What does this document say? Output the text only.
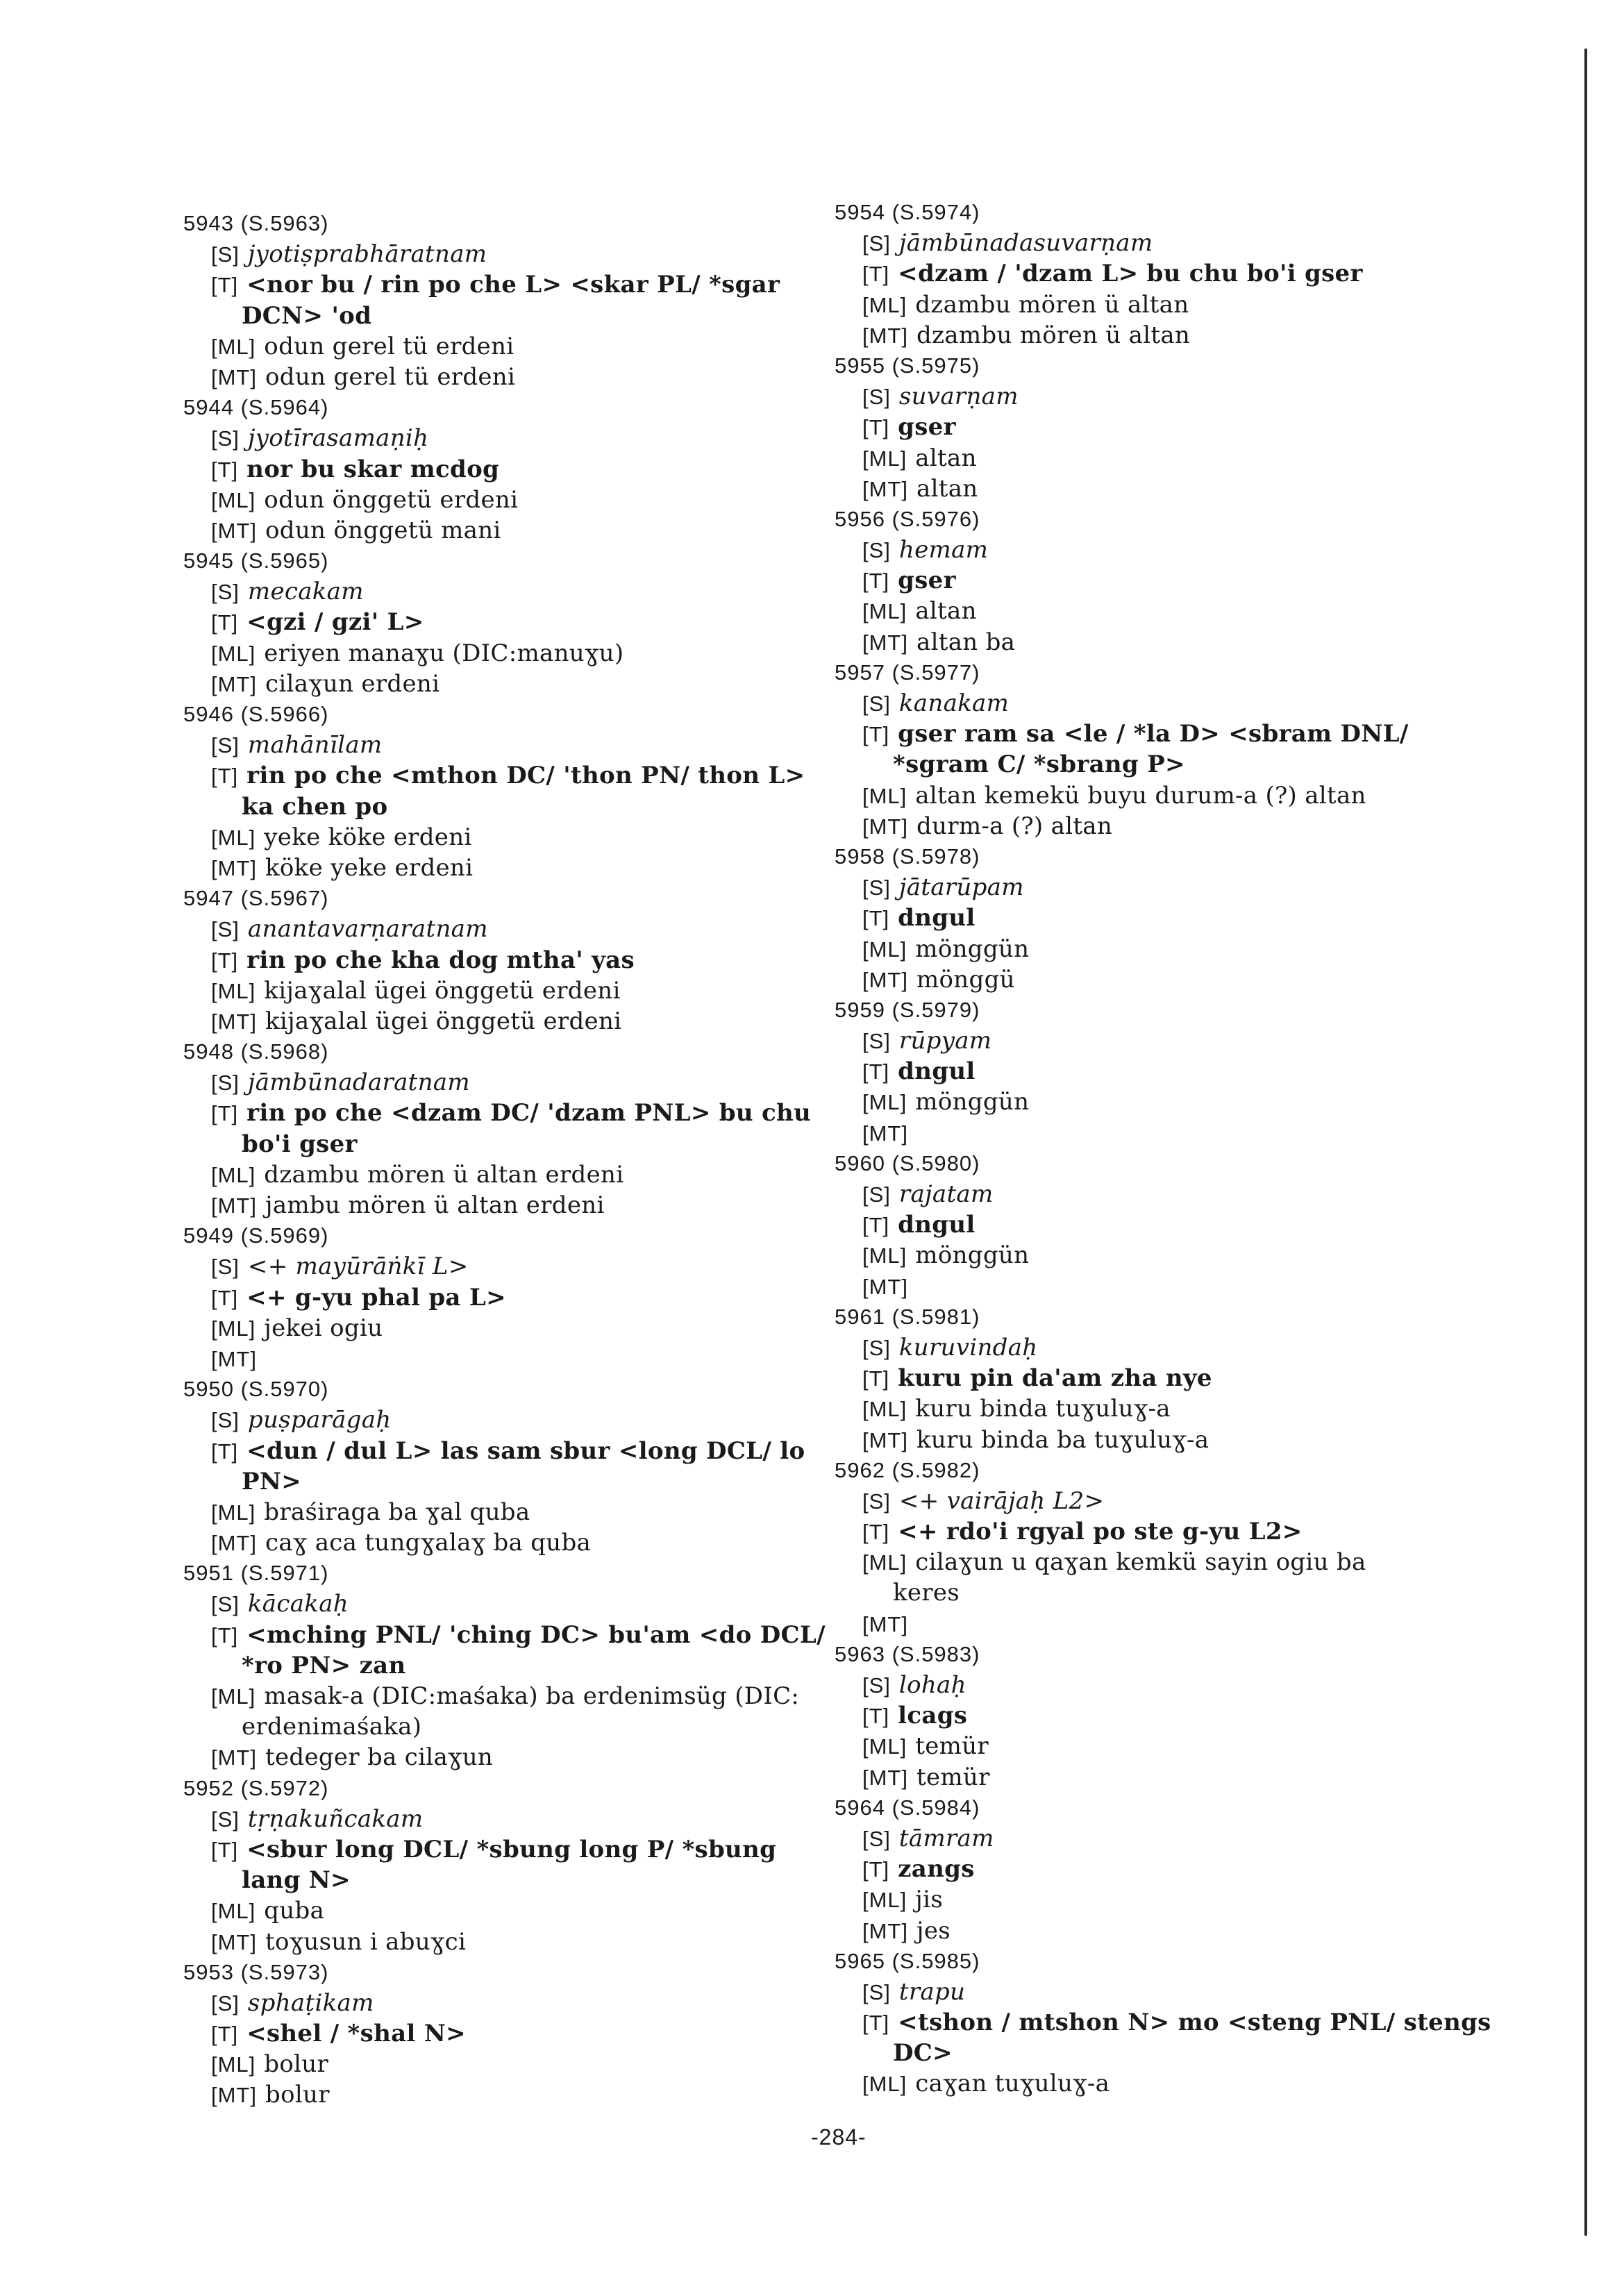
5943 (S.5963)
[S] jyotiṣprabhāratnam
[T] <nor bu / rin po che L> <skar PL/ *sgar
DCN> 'od
[ML] odun gerel tü erdeni
[MT] odun gerel tü erdeni
5944 (S.5964)
[S] jyotīrasamaṇiḥ
[T] nor bu skar mcdog
[ML] odun önggetü erdeni
[MT] odun önggetü mani
5945 (S.5965)
[S] mecakam
[T] <gzi / gzi' L>
[ML] eriyen manaɣu (DIC:manuɣu)
[MT] cilaɣun erdeni
5946 (S.5966)
[S] mahānīlam
[T] rin po che <mthon DC/ 'thon PN/ thon L>
ka chen po
[ML] yeke köke erdeni
[MT] köke yeke erdeni
5947 (S.5967)
[S] anantavarṇaratnam
[T] rin po che kha dog mtha' yas
[ML] kijaɣalal ügei önggetü erdeni
[MT] kijaɣalal ügei önggetü erdeni
5948 (S.5968)
[S] jāmbūnadaratnam
[T] rin po che <dzam DC/ 'dzam PNL> bu chu
bo'i gser
[ML] dzambu mören ü altan erdeni
[MT] jambu mören ü altan erdeni
5949 (S.5969)
[S] <+ mayūrāṅkī L>
[T] <+ g-yu phal pa L>
[ML] jekei ogiu
[MT]
5950 (S.5970)
[S] puṣparāgaḥ
[T] <dun / dul L> las sam sbur <long DCL/ lo
PN>
[ML] braśiraga ba ɣal quba
[MT] caɣ aca tungɣalaɣ ba quba
5951 (S.5971)
[S] kācakaḥ
[T] <mching PNL/ 'ching DC> bu'am <do DCL/
*ro PN> zan
[ML] masak-a (DIC:maśaka) ba erdenimsüg (DIC:
erdenimaśaka)
[MT] tedeger ba cilaɣun
5952 (S.5972)
[S] tṛṇakuñcakam
[T] <sbur long DCL/ *sbung long P/ *sbung
lang N>
[ML] quba
[MT] toɣusun i abuɣci
5953 (S.5973)
[S] sphaṭikam
[T] <shel / *shal N>
[ML] bolur
[MT] bolur
5954 (S.5974)
[S] jāmbūnadasuvarṇam
[T] <dzam / 'dzam L> bu chu bo'i gser
[ML] dzambu mören ü altan
[MT] dzambu mören ü altan
5955 (S.5975)
[S] suvarṇam
[T] gser
[ML] altan
[MT] altan
5956 (S.5976)
[S] hemam
[T] gser
[ML] altan
[MT] altan ba
5957 (S.5977)
[S] kanakam
[T] gser ram sa <le / *la D> <sbram DNL/
*sgram C/ *sbrang P>
[ML] altan kemekü buyu durum-a (?) altan
[MT] durm-a (?) altan
5958 (S.5978)
[S] jātarūpam
[T] dngul
[ML] mönggün
[MT] mönggü
5959 (S.5979)
[S] rūpyam
[T] dngul
[ML] mönggün
[MT]
5960 (S.5980)
[S] rajatam
[T] dngul
[ML] mönggün
[MT]
5961 (S.5981)
[S] kuruvindaḥ
[T] kuru pin da'am zha nye
[ML] kuru binda tuɣuluɣ-a
[MT] kuru binda ba tuɣuluɣ-a
5962 (S.5982)
[S] <+ vairājaḥ L2>
[T] <+ rdo'i rgyal po ste g-yu L2>
[ML] cilaɣun u qaɣan kemkü sayin ogiu ba
keres
[MT]
5963 (S.5983)
[S] lohaḥ
[T] lcags
[ML] temür
[MT] temür
5964 (S.5984)
[S] tāmram
[T] zangs
[ML] jis
[MT] jes
5965 (S.5985)
[S] trapu
[T] <tshon / mtshon N> mo <steng PNL/ stengs
DC>
[ML] caɣan tuɣuluɣ-a
-284-
